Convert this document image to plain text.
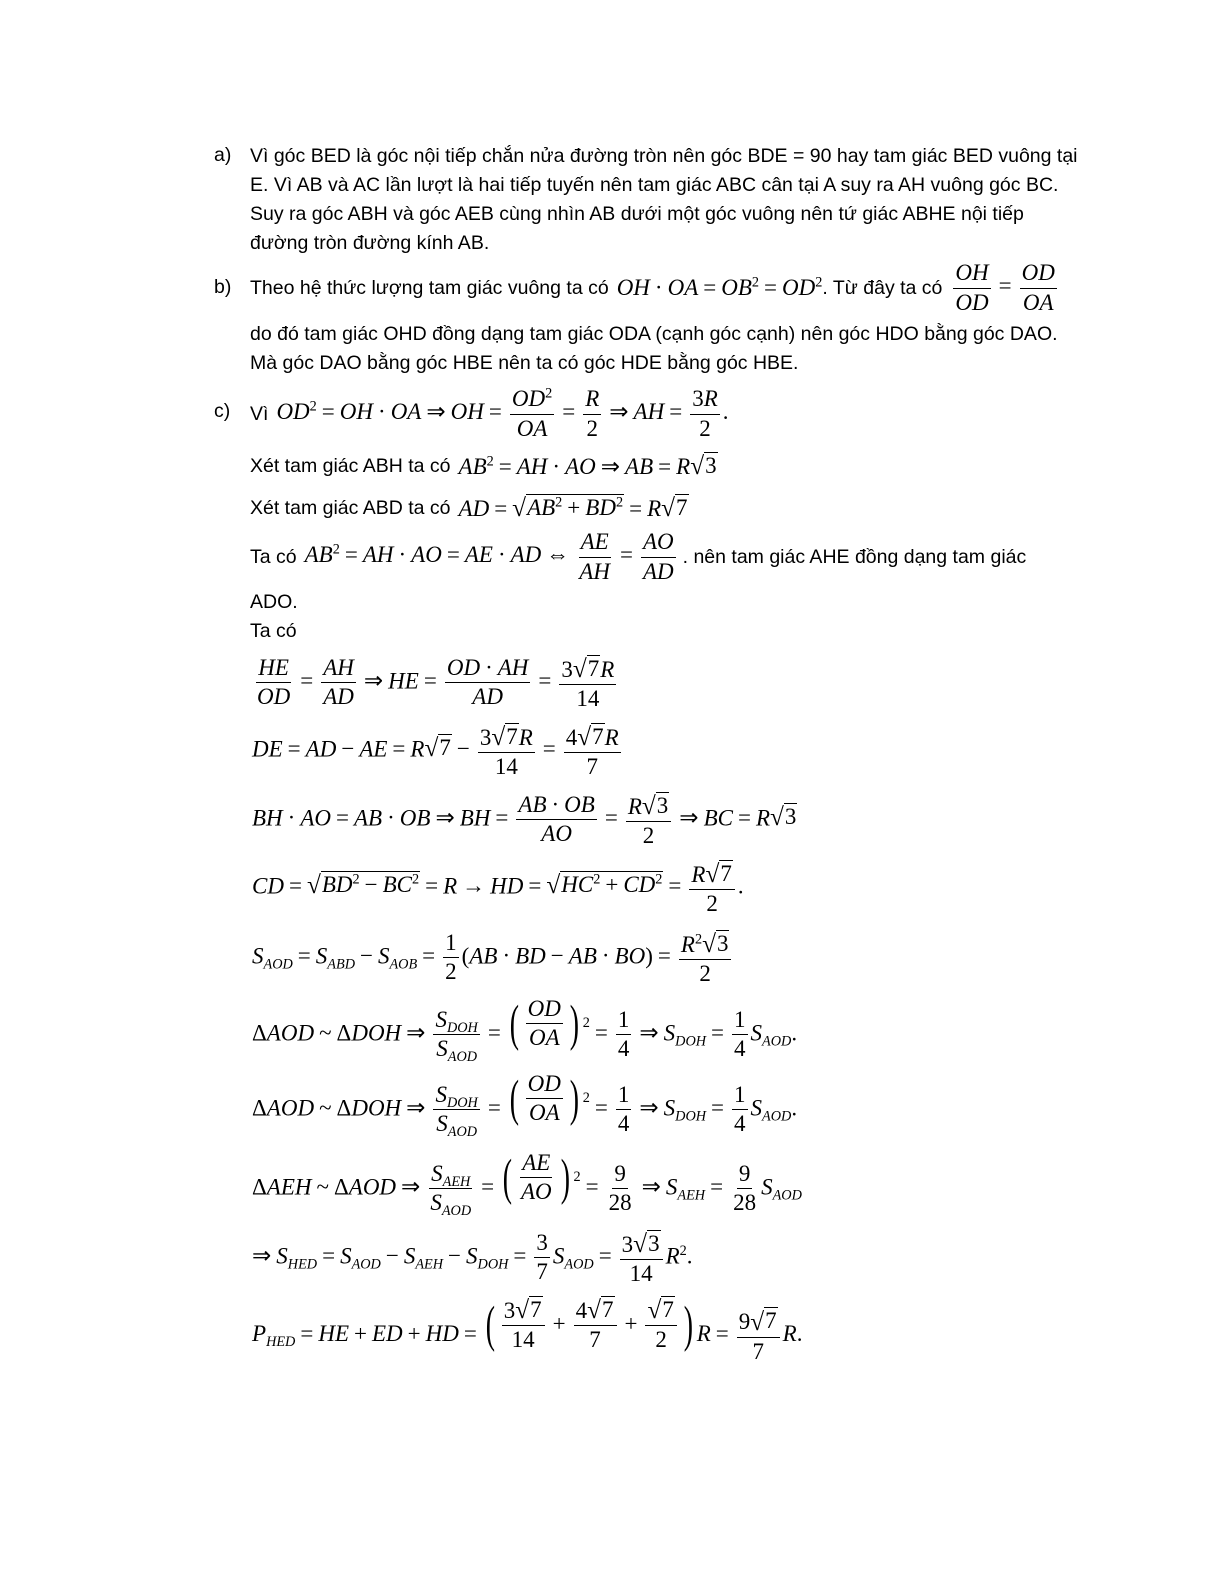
a) Vì góc BED là góc nội tiếp chắn nửa đường tròn nên góc BDE = 90 hay tam giác BED vuông tại E. Vì AB và AC lần lượt là hai tiếp tuyến nên tam giác ABC cân tại A suy ra AH vuông góc BC. Suy ra góc ABH và góc AEB cùng nhìn AB dưới một góc vuông nên tứ giác ABHE nội tiếp đường tròn đường kính AB.

b) Theo hệ thức lượng tam giác vuông ta có OH · OA = $OB^2 = OD^2$ . Từ đây ta có $\frac{OH}{OD} = \frac{OD}{OA}$

do đó tam giác OHD đồng dạng tam giác ODA (cạnh góc cạnh) nên góc HDO bằng góc DAO. Mà góc DAO bằng góc HBE nên ta có góc HDE bằng góc HBE.

c) Vì $OD^2$ = OH · OA ⇒ OH = $\frac{OD^2}{OA} = \frac{R}{2}$ ⇒ AH = $\frac{3R}{2}$ .
Xét tam giác ABH ta có $AB^2$ = AH · AO ⇒ AB = R √ 3
Xét tam giác ABD ta có AD = √ $AB^2 + BD^2 = R$ √ 7
Ta có $AB^2$ = AH · AO = AE · AD ⇔ $\frac{AE}{AH} = \frac{AO}{AD}$ . nên tam giác AHE đồng dạng tam giác
ADO.
Ta có
$\frac{HE}{OD} = \frac{AH}{AD}$ ⇒ HE = $\frac{OD \cdot AH}{AD} = \frac{3 √ 7 R}{14}$
DE = AD − AE = R √ $7 - \frac{3 √ 7 R}{14} = \frac{4 √ 7 R}{7}$
BH · AO = AB · OB ⇒ BH = $\frac{AB \cdot OB}{AO} = \frac{R √ 3}{2}$ ⇒ BC = R √ 3
CD = √ $BD^2 - BC^2 = R$ → HD = √ $HC^2 + CD^2 = \frac{R √ 7}{2}$ .
$S_{AOD} = S_{ABD} - S_{AOB} = \frac{1}{2} (AB$ · BD − AB · $BO) = \frac{R^2 √ 3}{2}$
ΔAOD ~ ΔDOH ⇒ $\frac{S_{DOH}}{S_{AOD}}$ = ( $\frac{OD}{OA}$ ) $2 = \frac{1}{4}$ ⇒ $S_{DOH} = \frac{1}{4} S_{AOD}$.
ΔAOD ~ ΔDOH ⇒ $\frac{S_{DOH}}{S_{AOD}}$ = ( $\frac{OD}{OA}$ ) $2 = \frac{1}{4}$ ⇒ $S_{DOH} = \frac{1}{4} S_{AOD}$.
ΔAEH ~ ΔAOD ⇒ $\frac{S_{AEH}}{S_{AOD}}$ = ( $\frac{AE}{AO}$ ) $2 = \frac{9}{28}$ ⇒ $S_{AEH} = \frac{9}{28} S_{AOD}$
⇒ $S_{HED} = S_{AOD} - S_{AEH} - S_{DOH} = \frac{3}{7} S_{AOD} = \frac{3 √ 3}{14} R^2$.
$P_{HED}$ = HE + ED + HD = ( $\frac{3 √ 7}{14} + \frac{4 √ 7}{7} + \frac{√ 7}{2}$ ) $R = \frac{9 √ 7}{7} R$.
